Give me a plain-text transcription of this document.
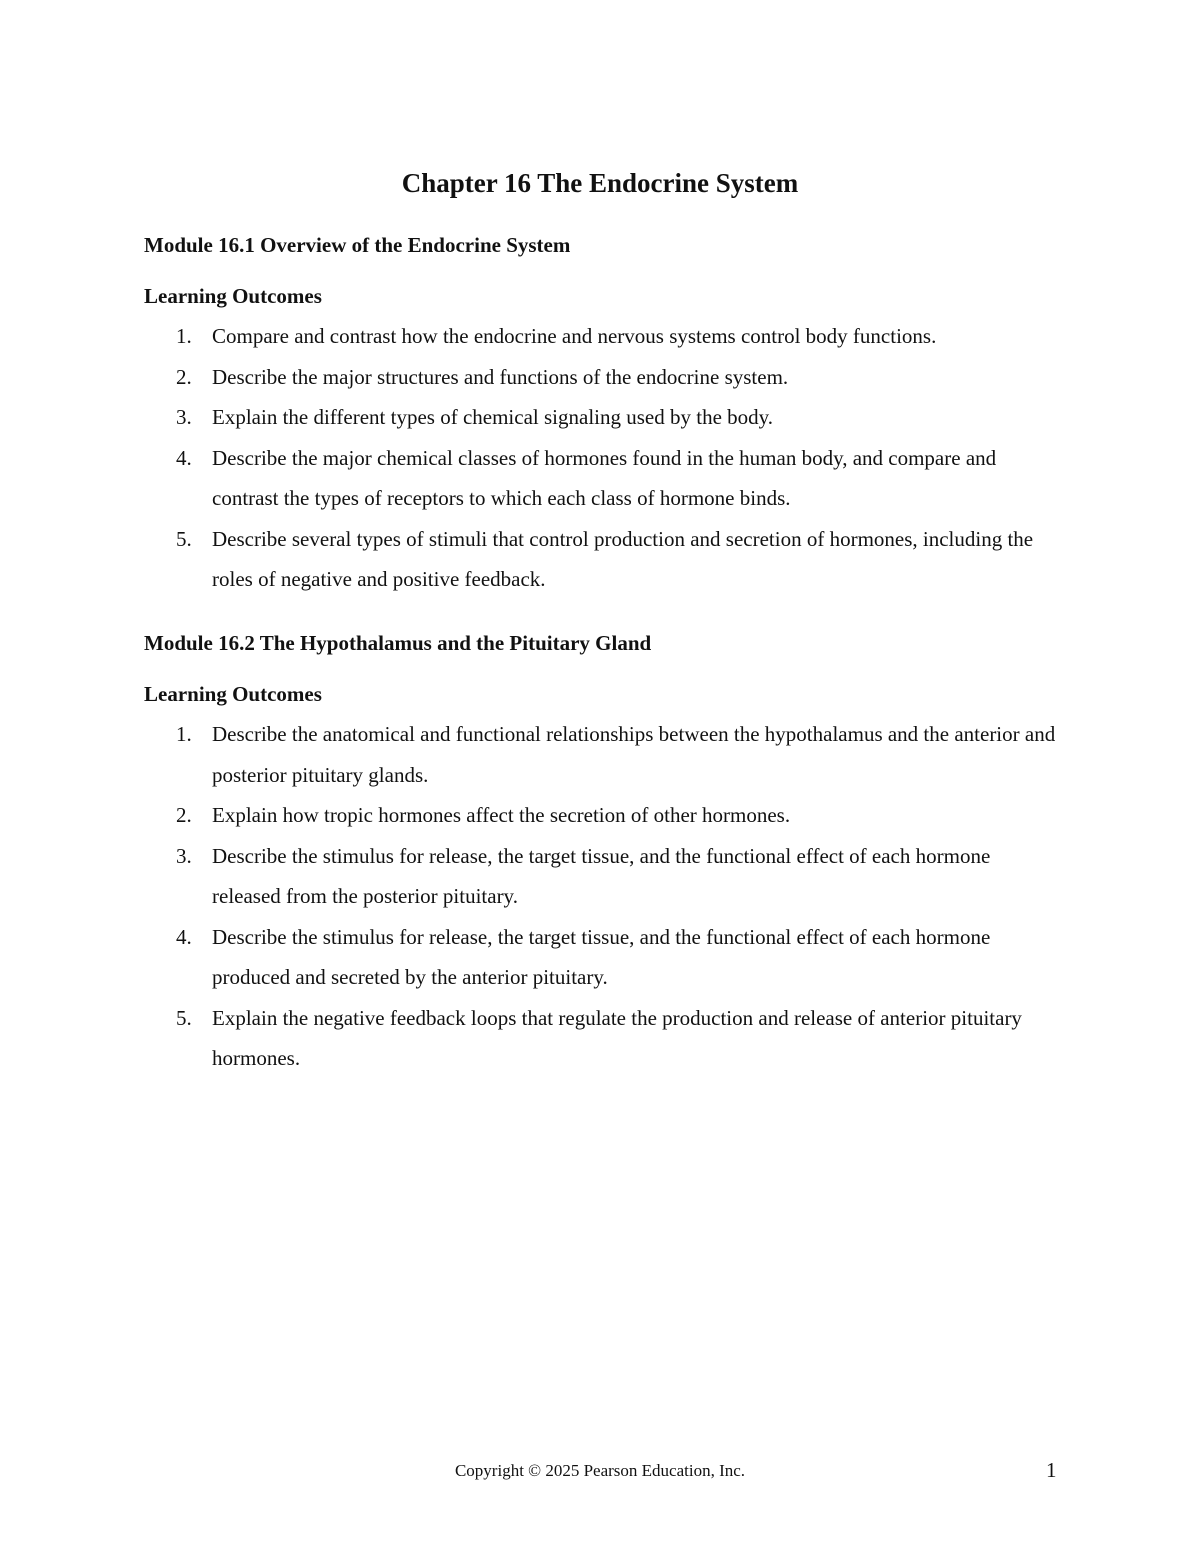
Chapter 16 The Endocrine System
Module 16.1 Overview of the Endocrine System
Learning Outcomes
1. Compare and contrast how the endocrine and nervous systems control body functions.
2. Describe the major structures and functions of the endocrine system.
3. Explain the different types of chemical signaling used by the body.
4. Describe the major chemical classes of hormones found in the human body, and compare and contrast the types of receptors to which each class of hormone binds.
5. Describe several types of stimuli that control production and secretion of hormones, including the roles of negative and positive feedback.
Module 16.2 The Hypothalamus and the Pituitary Gland
Learning Outcomes
1. Describe the anatomical and functional relationships between the hypothalamus and the anterior and posterior pituitary glands.
2. Explain how tropic hormones affect the secretion of other hormones.
3. Describe the stimulus for release, the target tissue, and the functional effect of each hormone released from the posterior pituitary.
4. Describe the stimulus for release, the target tissue, and the functional effect of each hormone produced and secreted by the anterior pituitary.
5. Explain the negative feedback loops that regulate the production and release of anterior pituitary hormones.
Copyright © 2025 Pearson Education, Inc.	1
